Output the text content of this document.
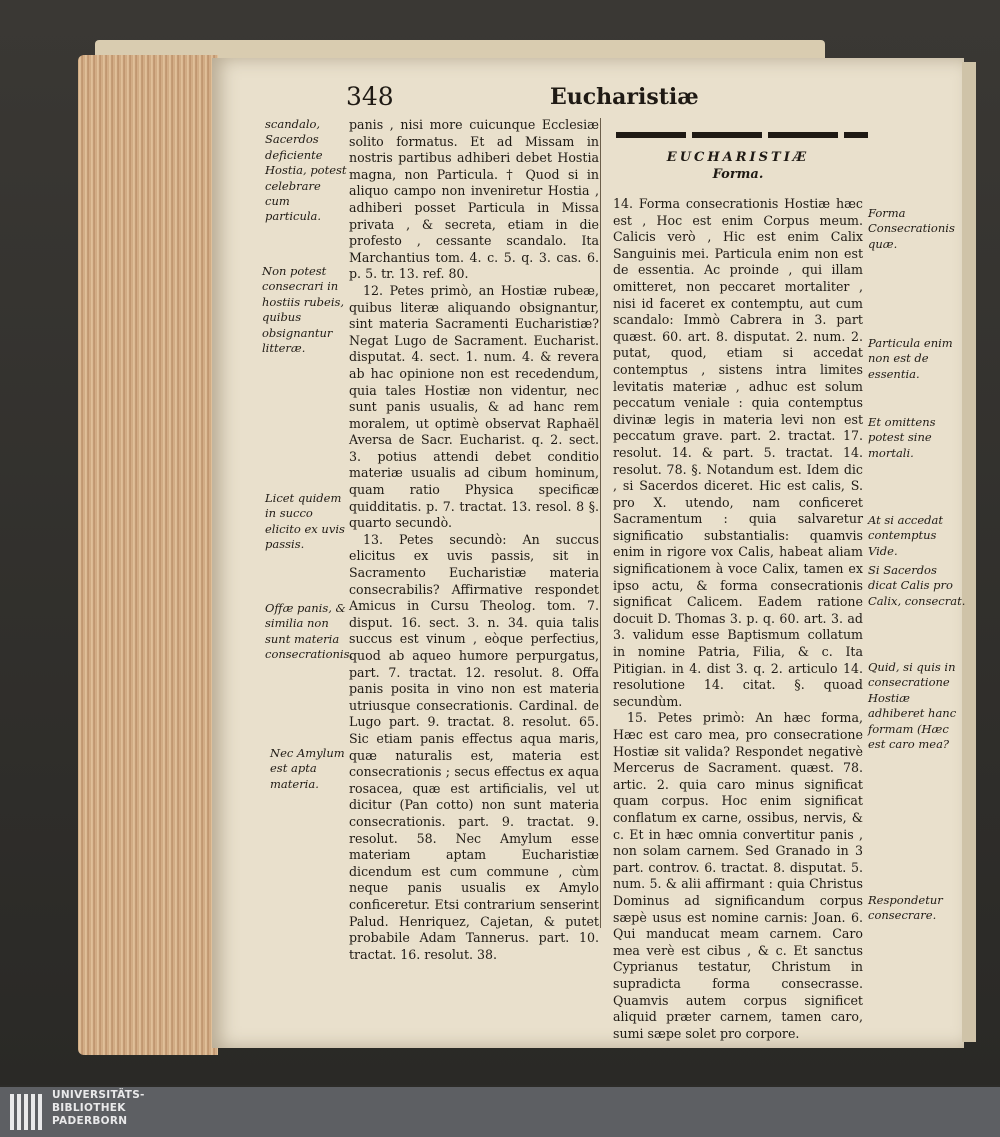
348	Eucharistiæ
scandalo, Sacerdos deficiente Hostia, potest celebrare cum particula.
Non potest consecrari in hostiis rubeis, quibus obsignantur litteræ.
Licet quidem in succo elicito ex uvis passis.
Offæ panis, & similia non sunt materia consecrationis.
Nec Amylum est apta materia.

panis , nisi more cuicunque Ecclesiæ solito formatus. Et ad Missam in nostris partibus adhiberi debet Hostia magna, non Particula. † Quod si in aliquo campo non inveniretur Hostia , adhiberi posset Particula in Missa privata , & secreta, etiam in die profesto , cessante scandalo. Ita Marchantius tom. 4. c. 5. q. 3. cas. 6. p. 5. tr. 13. ref. 80.

12. Petes primò, an Hostiæ rubeæ, quibus literæ aliquando obsignantur, sint materia Sacramenti Eucharistiæ? Negat Lugo de Sacrament. Eucharist. disputat. 4. sect. 1. num. 4. & revera ab hac opinione non est recedendum, quia tales Hostiæ non videntur, nec sunt panis usualis, & ad hanc rem moralem, ut optimè observat Raphaël Aversa de Sacr. Eucharist. q. 2. sect. 3. potius attendi debet conditio materiæ usualis ad cibum hominum, quam ratio Physica specificæ quidditatis. p. 7. tractat. 13. resol. 8 §. quarto secundò.

13. Petes secundò: An succus elicitus ex uvis passis, sit in Sacramento Eucharistiæ materia consecrabilis? Affirmative respondet Amicus in Cursu Theolog. tom. 7. disput. 16. sect. 3. n. 34. quia talis succus est vinum , eòque perfectius, quod ab aqueo humore perpurgatus, part. 7. tractat. 12. resolut. 8. Offa panis posita in vino non est materia utriusque consecrationis. Cardinal. de Lugo part. 9. tractat. 8. resolut. 65. Sic etiam panis effectus aqua maris, quæ naturalis est, materia est consecrationis ; secus effectus ex aqua rosacea, quæ est artificialis, vel ut dicitur (Pan cotto) non sunt materia consecrationis. part. 9. tractat. 9. resolut. 58. Nec Amylum esse materiam aptam Eucharistiæ dicendum est cum commune , cùm neque panis usualis ex Amylo conficeretur. Etsi contrarium senserint Palud. Henriquez, Cajetan, & putet probabile Adam Tannerus. part. 10. tractat. 16. resolut. 38.

EUCHARISTIÆ
Forma.

14. Forma consecrationis Hostiæ hæc est , Hoc est enim Corpus meum. Calicis verò , Hic est enim Calix Sanguinis mei. Particula enim non est de essentia. Ac proinde , qui illam omitteret, non peccaret mortaliter , nisi id faceret ex contemptu, aut cum scandalo: Immò Cabrera in 3. part quæst. 60. art. 8. disputat. 2. num. 2. putat, quod, etiam si accedat contemptus , sistens intra limites levitatis materiæ , adhuc est solum peccatum veniale : quia contemptus divinæ legis in materia levi non est peccatum grave. part. 2. tractat. 17. resolut. 14. & part. 5. tractat. 14. resolut. 78. §. Notandum est. Idem dic , si Sacerdos diceret. Hic est calis, S. pro X. utendo, nam conficeret Sacramentum : quia salvaretur significatio substantialis: quamvis enim in rigore vox Calis, habeat aliam significationem à voce Calix, tamen ex ipso actu, & forma consecrationis significat Calicem. Eadem ratione docuit D. Thomas 3. p. q. 60. art. 3. ad 3. validum esse Baptismum collatum in nomine Patria, Filia, & c. Ita Pitigian. in 4. dist 3. q. 2. articulo 14. resolutione 14. citat. §. quoad secundùm.

15. Petes primò: An hæc forma, Hæc est caro mea, pro consecratione Hostiæ sit valida? Respondet negativè Mercerus de Sacrament. quæst. 78. artic. 2. quia caro minus significat quam corpus. Hoc enim significat conflatum ex carne, ossibus, nervis, & c. Et in hæc omnia convertitur panis , non solam carnem. Sed Granado in 3 part. controv. 6. tractat. 8. disputat. 5. num. 5. & alii affirmant : quia Christus Dominus ad significandum corpus sæpè usus est nomine carnis: Joan. 6. Qui manducat meam carnem. Caro mea verè est cibus , & c. Et sanctus Cyprianus testatur, Christum in supradicta forma consecrasse. Quamvis autem corpus significet aliquid præter carnem, tamen caro, sumi sæpe solet pro corpore.

Forma Consecrationis quæ.
Particula enim non est de essentia.
Et omittens potest sine mortali.
At si accedat contemptus Vide.
Si Sacerdos dicat Calis pro Calix, consecrat.
Quid, si quis in consecratione Hostiæ adhiberet hanc formam (Hæc est caro mea?
Respondetur consecrare.
UNIVERSITÄTS-
BIBLIOTHEK
PADERBORN
